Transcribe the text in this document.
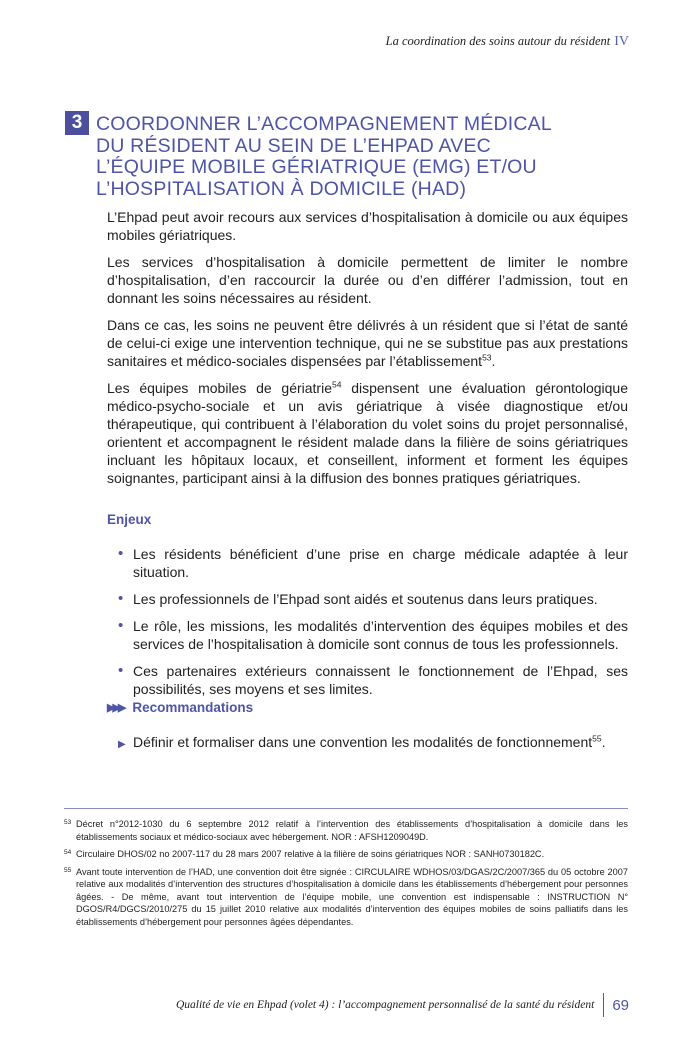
La coordination des soins autour du résident IV
3 COORDONNER L’ACCOMPAGNEMENT MÉDICAL
DU RÉSIDENT AU SEIN DE L’EHPAD AVEC
L’ÉQUIPE MOBILE GÉRIATRIQUE (EMG) ET/OU
L’HOSPITALISATION À DOMICILE (HAD)

L’Ehpad peut avoir recours aux services d’hospitalisation à domicile ou aux équipes mobiles gériatriques.

Les services d’hospitalisation à domicile permettent de limiter le nombre d’hospitalisation, d’en raccourcir la durée ou d’en différer l’admission, tout en donnant les soins nécessaires au résident.

Dans ce cas, les soins ne peuvent être délivrés à un résident que si l’état de santé de celui-ci exige une intervention technique, qui ne se substitue pas aux prestations sanitaires et médico-sociales dispensées par l’établissement$^{53}$.

Les équipes mobiles de gériatrie$^{54}$ dispensent une évaluation gérontologique médico-psycho-sociale et un avis gériatrique à visée diagnostique et/ou thérapeutique, qui contribuent à l’élaboration du volet soins du projet personnalisé, orientent et accompagnent le résident malade dans la filière de soins gériatriques incluant les hôpitaux locaux, et conseillent, informent et forment les équipes soignantes, participant ainsi à la diffusion des bonnes pratiques gériatriques.

Enjeux
• Les résidents bénéficient d’une prise en charge médicale adaptée à leur situation.
• Les professionnels de l’Ehpad sont aidés et soutenus dans leurs pratiques.
• Le rôle, les missions, les modalités d’intervention des équipes mobiles et des services de l’hospitalisation à domicile sont connus de tous les professionnels.
• Ces partenaires extérieurs connaissent le fonctionnement de l’Ehpad, ses possibilités, ses moyens et ses limites.
▶▶▶ Recommandations
▶ Définir et formaliser dans une convention les modalités de fonctionnement$^{55}$.
53 Décret n°2012-1030 du 6 septembre 2012 relatif à l’intervention des établissements d’hospitalisation à domicile dans les établissements sociaux et médico-sociaux avec hébergement. NOR : AFSH1209049D.
54 Circulaire DHOS/02 no 2007-117 du 28 mars 2007 relative à la filière de soins gériatriques NOR : SANH0730182C.
55 Avant toute intervention de l’HAD, une convention doit être signée : CIRCULAIRE WDHOS/03/DGAS/2C/2007/365 du 05 octobre 2007 relative aux modalités d’intervention des structures d’hospitalisation à domicile dans les établissements d’hébergement pour personnes âgées. - De même, avant tout intervention de l’équipe mobile, une convention est indispensable : INSTRUCTION N° DGOS/R4/DGCS/2010/275 du 15 juillet 2010 relative aux modalités d’intervention des équipes mobiles de soins palliatifs dans les établissements d’hébergement pour personnes âgées dépendantes.
Qualité de vie en Ehpad (volet 4) : l’accompagnement personnalisé de la santé du résident	69
